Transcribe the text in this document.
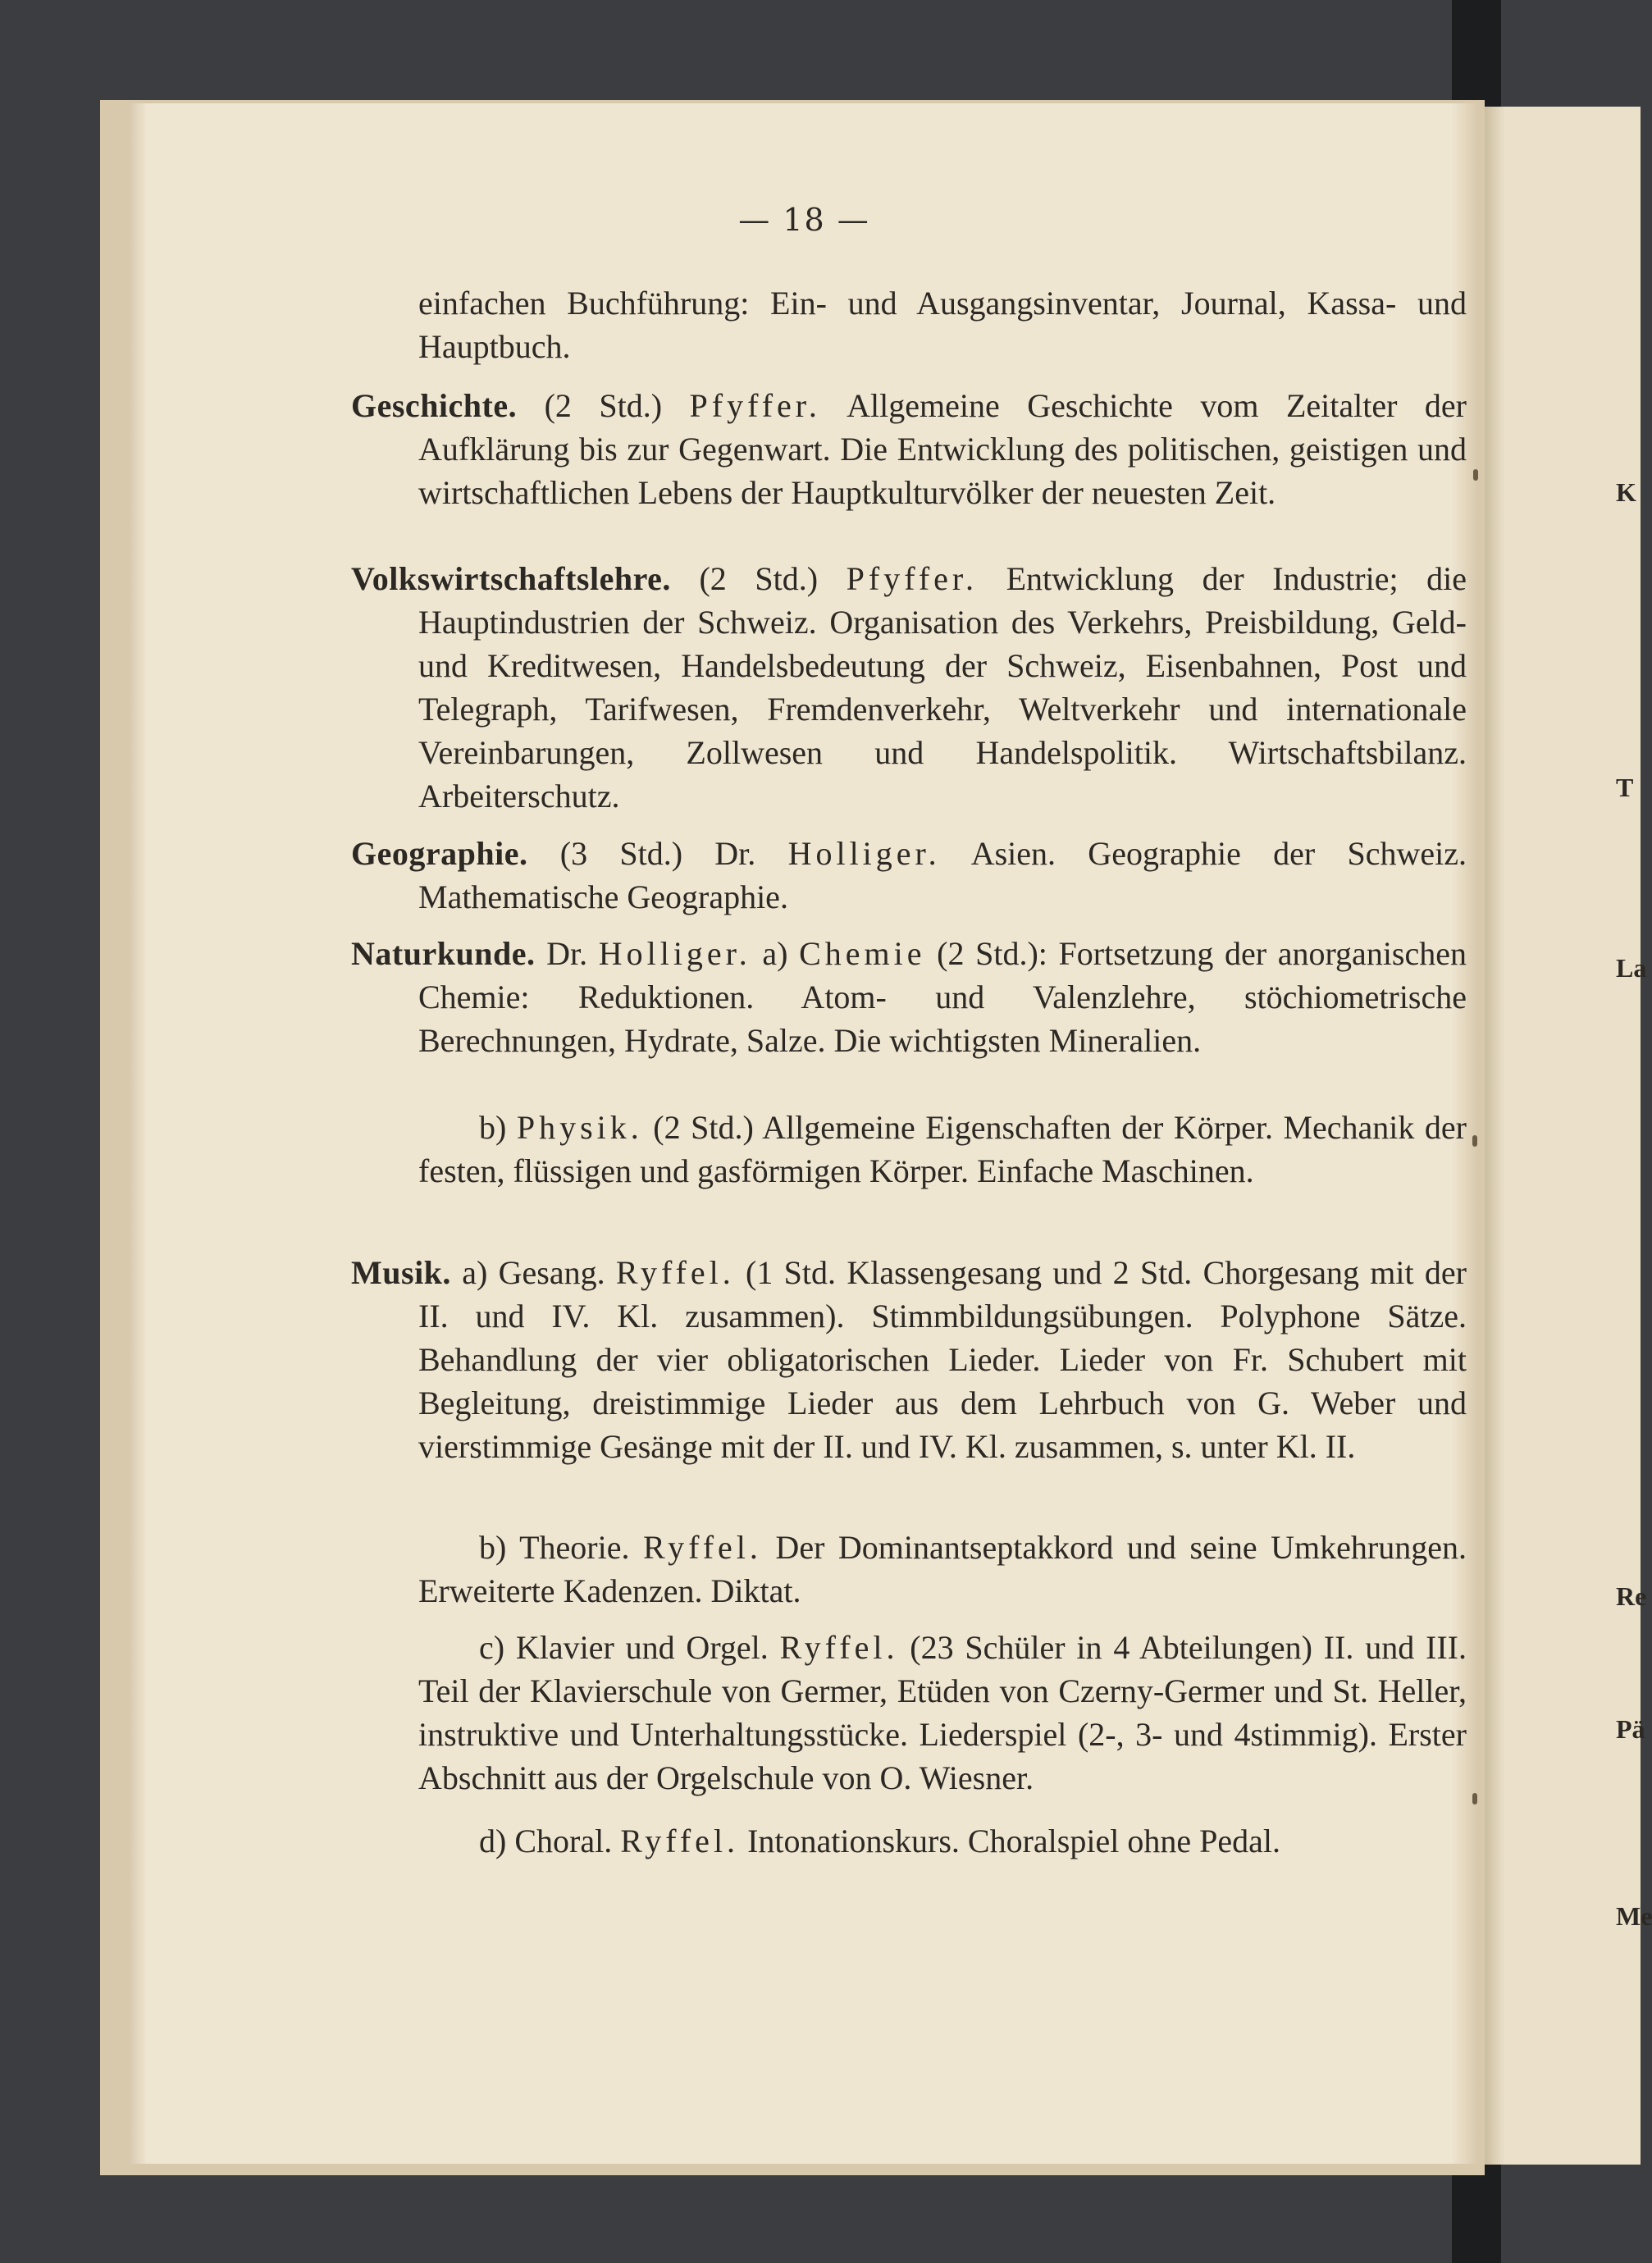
— 18 —

einfachen Buchführung: Ein- und Ausgangsinventar, Journal, Kassa- und Hauptbuch.

Geschichte. (2 Std.) Pfyffer. Allgemeine Geschichte vom Zeitalter der Aufklärung bis zur Gegenwart. Die Entwicklung des politischen, geistigen und wirtschaftlichen Lebens der Hauptkulturvölker der neuesten Zeit.

Volkswirtschaftslehre. (2 Std.) Pfyffer. Entwicklung der Industrie; die Hauptindustrien der Schweiz. Organisation des Verkehrs, Preisbildung, Geld- und Kreditwesen, Handelsbedeutung der Schweiz, Eisenbahnen, Post und Telegraph, Tarifwesen, Fremdenverkehr, Weltverkehr und internationale Vereinbarungen, Zollwesen und Handelspolitik. Wirtschaftsbilanz. Arbeiterschutz.

Geographie. (3 Std.) Dr. Holliger. Asien. Geographie der Schweiz. Mathematische Geographie.

Naturkunde. Dr. Holliger. a) Chemie (2 Std.): Fortsetzung der anorganischen Chemie: Reduktionen. Atom- und Valenzlehre, stöchiometrische Berechnungen, Hydrate, Salze. Die wichtigsten Mineralien.

b) Physik. (2 Std.) Allgemeine Eigenschaften der Körper. Mechanik der festen, flüssigen und gasförmigen Körper. Einfache Maschinen.

Musik. a) Gesang. Ryffel. (1 Std. Klassengesang und 2 Std. Chorgesang mit der II. und IV. Kl. zusammen). Stimmbildungsübungen. Polyphone Sätze. Behandlung der vier obligatorischen Lieder. Lieder von Fr. Schubert mit Begleitung, dreistimmige Lieder aus dem Lehrbuch von G. Weber und vierstimmige Gesänge mit der II. und IV. Kl. zusammen, s. unter Kl. II.

b) Theorie. Ryffel. Der Dominantseptakkord und seine Umkehrungen. Erweiterte Kadenzen. Diktat.

c) Klavier und Orgel. Ryffel. (23 Schüler in 4 Abteilungen) II. und III. Teil der Klavierschule von Germer, Etüden von Czerny-Germer und St. Heller, instruktive und Unterhaltungsstücke. Liederspiel (2-, 3- und 4stimmig). Erster Abschnitt aus der Orgelschule von O. Wiesner.

d) Choral. Ryffel. Intonationskurs. Choralspiel ohne Pedal.

K
T
La
Re
Pä
Me
